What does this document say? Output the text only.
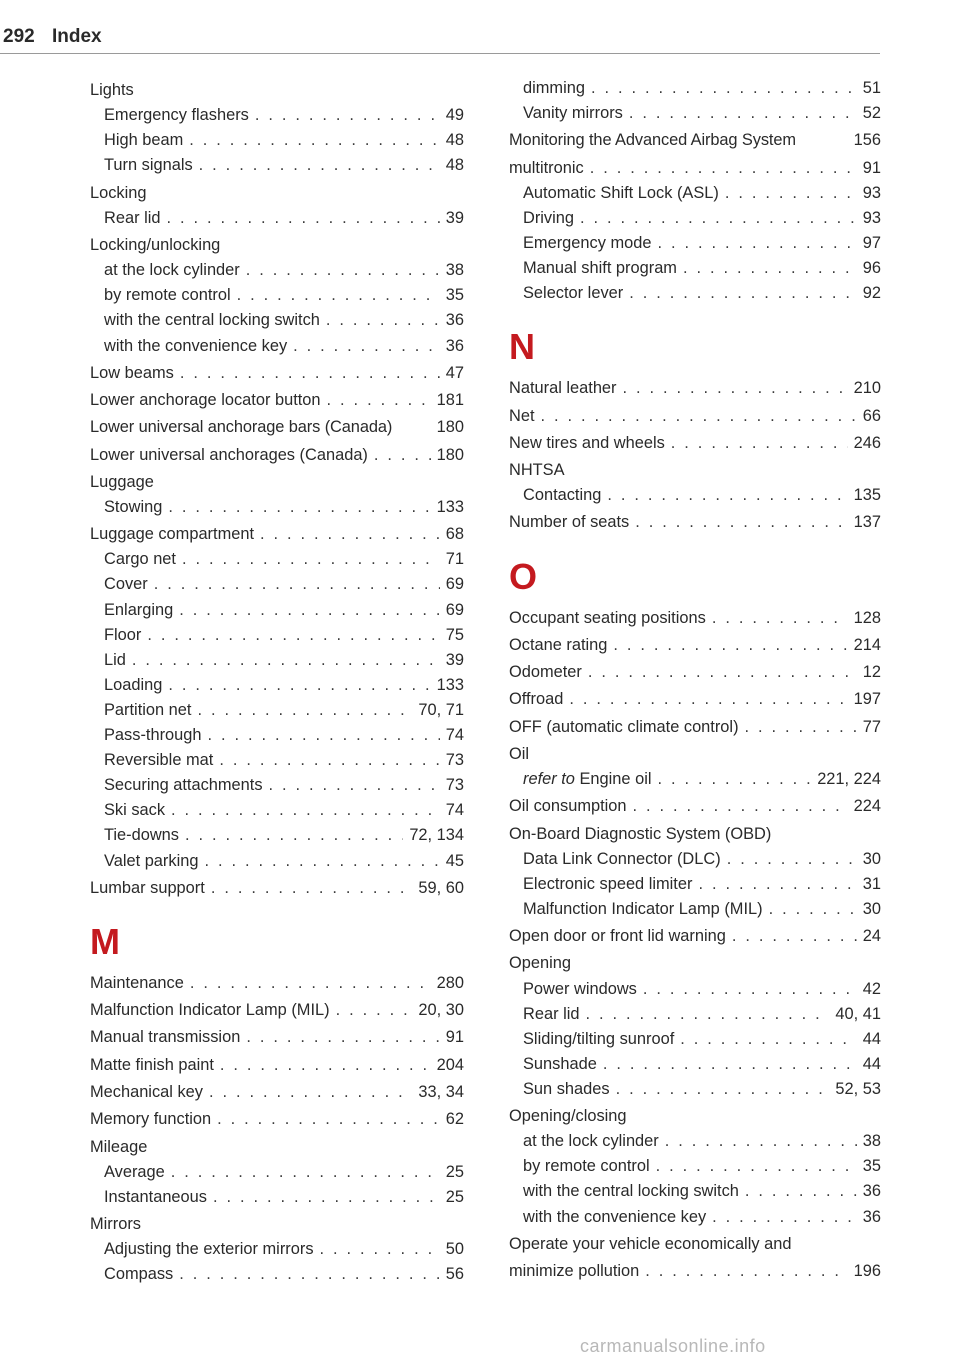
292 Index
Lights
Emergency flashers . . .	49
High beam . . .	48
Turn signals . . .	48
Locking
Rear lid . . .	39
Locking/unlocking
at the lock cylinder . . .	38
by remote control . . .	35
with the central locking switch . . .	36
with the convenience key . . .	36
Low beams . . .	47
Lower anchorage locator button . . .	181
Lower universal anchorage bars (Canada)	180
Lower universal anchorages (Canada) . . .	180
Luggage
Stowing . . .	133
Luggage compartment . . .	68
Cargo net . . .	71
Cover . . .	69
Enlarging . . .	69
Floor . . .	75
Lid . . .	39
Loading . . .	133
Partition net . . .	70, 71
Pass-through . . .	74
Reversible mat . . .	73
Securing attachments . . .	73
Ski sack . . .	74
Tie-downs . . .	72, 134
Valet parking . . .	45
Lumbar support . . .	59, 60
M
Maintenance . . .	280
Malfunction Indicator Lamp (MIL) . . .	20, 30
Manual transmission . . .	91
Matte finish paint . . .	204
Mechanical key . . .	33, 34
Memory function . . .	62
Mileage
Average . . .	25
Instantaneous . . .	25
Mirrors
Adjusting the exterior mirrors . . .	50
Compass . . .	56
dimming . . .	51
Vanity mirrors . . .	52
Monitoring the Advanced Airbag System	156
multitronic . . .	91
Automatic Shift Lock (ASL) . . .	93
Driving . . .	93
Emergency mode . . .	97
Manual shift program . . .	96
Selector lever . . .	92
N
Natural leather . . .	210
Net . . .	66
New tires and wheels . . .	246
NHTSA
Contacting . . .	135
Number of seats . . .	137
O
Occupant seating positions . . .	128
Octane rating . . .	214
Odometer . . .	12
Offroad . . .	197
OFF (automatic climate control) . . .	77
Oil
refer to Engine oil . . .	221, 224
Oil consumption . . .	224
On-Board Diagnostic System (OBD)
Data Link Connector (DLC) . . .	30
Electronic speed limiter . . .	31
Malfunction Indicator Lamp (MIL) . . .	30
Open door or front lid warning . . .	24
Opening
Power windows . . .	42
Rear lid . . .	40, 41
Sliding/tilting sunroof . . .	44
Sunshade . . .	44
Sun shades . . .	52, 53
Opening/closing
at the lock cylinder . . .	38
by remote control . . .	35
with the central locking switch . . .	36
with the convenience key . . .	36
Operate your vehicle economically and
minimize pollution . . .	196
carmanualsonline.info
